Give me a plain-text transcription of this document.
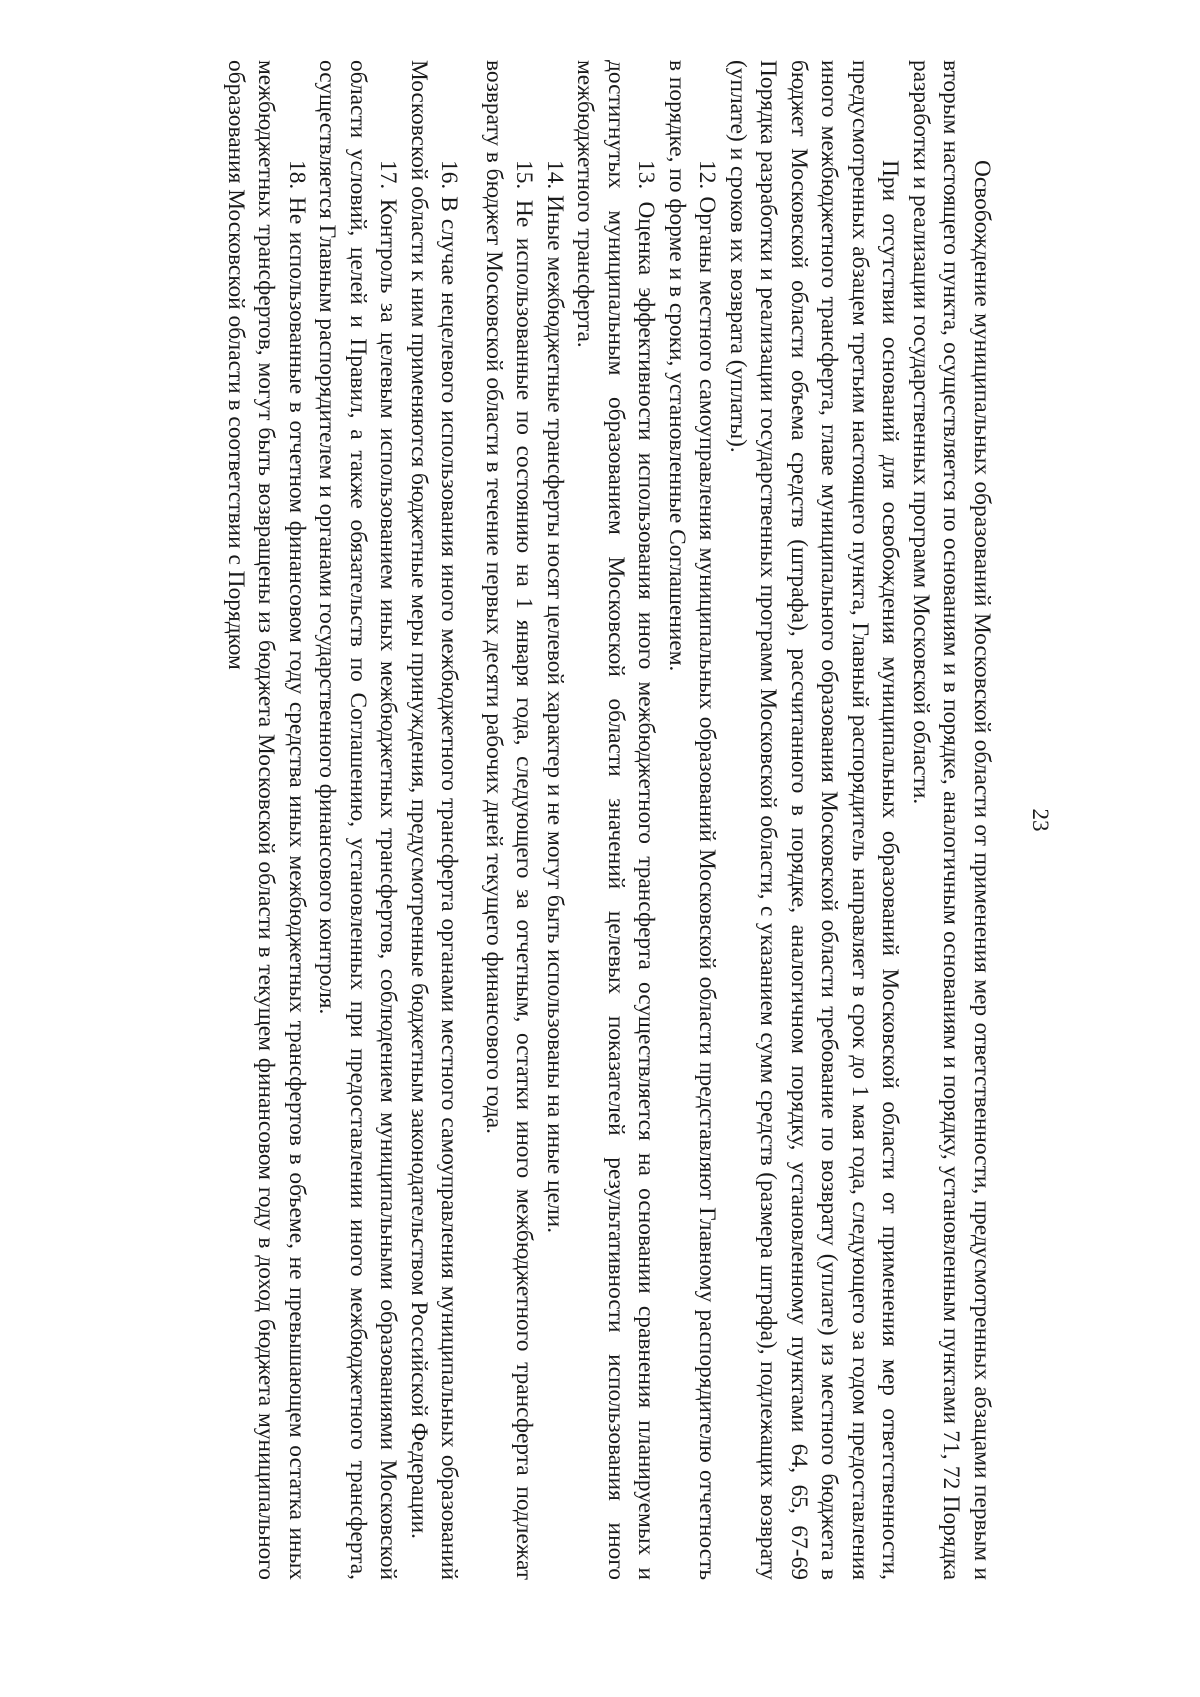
23

Освобождение муниципальных образований Московской области от применения мер ответственности, предусмотренных абзацами первым и вторым настоящего пункта, осуществляется по основаниям и в порядке, аналогичным основаниям и порядку, установленным пунктами 71, 72 Порядка разработки и реализации государственных программ Московской области.

При отсутствии оснований для освобождения муниципальных образований Московской области от применения мер ответственности, предусмотренных абзацем третьим настоящего пункта, Главный распорядитель направляет в срок до 1 мая года, следующего за годом предоставления иного межбюджетного трансферта, главе муниципального образования Московской области требование по возврату (уплате) из местного бюджета в бюджет Московской области объема средств (штрафа), рассчитанного в порядке, аналогичном порядку, установленному пунктами 64, 65, 67-69 Порядка разработки и реализации государственных программ Московской области, с указанием сумм средств (размера штрафа), подлежащих возврату (уплате) и сроков их возврата (уплаты).

12. Органы местного самоуправления муниципальных образований Московской области представляют Главному распорядителю отчетность в порядке, по форме и в сроки, установленные Соглашением.

13. Оценка эффективности использования иного межбюджетного трансферта осуществляется на основании сравнения планируемых и достигнутых муниципальным образованием Московской области значений целевых показателей результативности использования иного межбюджетного трансферта.

14. Иные межбюджетные трансферты носят целевой характер и не могут быть использованы на иные цели.

15. Не использованные по состоянию на 1 января года, следующего за отчетным, остатки иного межбюджетного трансферта подлежат возврату в бюджет Московской области в течение первых десяти рабочих дней текущего финансового года.

16. В случае нецелевого использования иного межбюджетного трансферта органами местного самоуправления муниципальных образований Московской области к ним применяются бюджетные меры принуждения, предусмотренные бюджетным законодательством Российской Федерации.

17. Контроль за целевым использованием иных межбюджетных трансфертов, соблюдением муниципальными образованиями Московской области условий, целей и Правил, а также обязательств по Соглашению, установленных при предоставлении иного межбюджетного трансферта, осуществляется Главным распорядителем и органами государственного финансового контроля.

18. Не использованные в отчетном финансовом году средства иных межбюджетных трансфертов в объеме, не превышающем остатка иных межбюджетных трансфертов, могут быть возвращены из бюджета Московской области в текущем финансовом году в доход бюджета муниципального образования Московской области в соответствии с Порядком
